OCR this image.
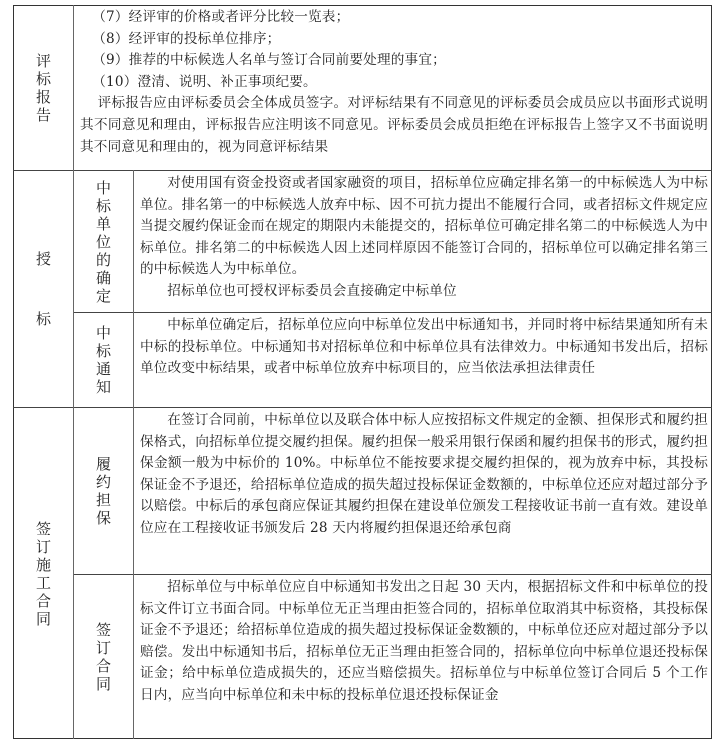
评标报告

（7）经评审的价格或者评分比较一览表；

（8）经评审的投标单位排序；

（9）推荐的中标候选人名单与签订合同前要处理的事宜；

（10）澄清、说明、补正事项纪要。

评标报告应由评标委员会全体成员签字。对评标结果有不同意见的评标委员会成员应以书面形式说明其不同意见和理由，评标报告应注明该不同意见。评标委员会成员拒绝在评标报告上签字又不书面说明其不同意见和理由的，视为同意评标结果

授标
中标单位的确定

对使用国有资金投资或者国家融资的项目，招标单位应确定排名第一的中标候选人为中标单位。排名第一的中标候选人放弃中标、因不可抗力提出不能履行合同，或者招标文件规定应当提交履约保证金而在规定的期限内未能提交的，招标单位可确定排名第二的中标候选人为中标单位。排名第二的中标候选人因上述同样原因不能签订合同的，招标单位可以确定排名第三的中标候选人为中标单位。

招标单位也可授权评标委员会直接确定中标单位

中标通知

中标单位确定后，招标单位应向中标单位发出中标通知书，并同时将中标结果通知所有未中标的投标单位。中标通知书对招标单位和中标单位具有法律效力。中标通知书发出后，招标单位改变中标结果，或者中标单位放弃中标项目的，应当依法承担法律责任

签订施工合同
履约担保

在签订合同前，中标单位以及联合体中标人应按招标文件规定的金额、担保形式和履约担保格式，向招标单位提交履约担保。履约担保一般采用银行保函和履约担保书的形式，履约担保金额一般为中标价的 10%。中标单位不能按要求提交履约担保的，视为放弃中标，其投标保证金不予退还，给招标单位造成的损失超过投标保证金数额的，中标单位还应对超过部分予以赔偿。中标后的承包商应保证其履约担保在建设单位颁发工程接收证书前一直有效。建设单位应在工程接收证书颁发后 28 天内将履约担保退还给承包商

签订合同

招标单位与中标单位应自中标通知书发出之日起 30 天内，根据招标文件和中标单位的投标文件订立书面合同。中标单位无正当理由拒签合同的，招标单位取消其中标资格，其投标保证金不予退还；给招标单位造成的损失超过投标保证金数额的，中标单位还应对超过部分予以赔偿。发出中标通知书后，招标单位无正当理由拒签合同的，招标单位向中标单位退还投标保证金；给中标单位造成损失的，还应当赔偿损失。招标单位与中标单位签订合同后 5 个工作日内，应当向中标单位和未中标的投标单位退还投标保证金
